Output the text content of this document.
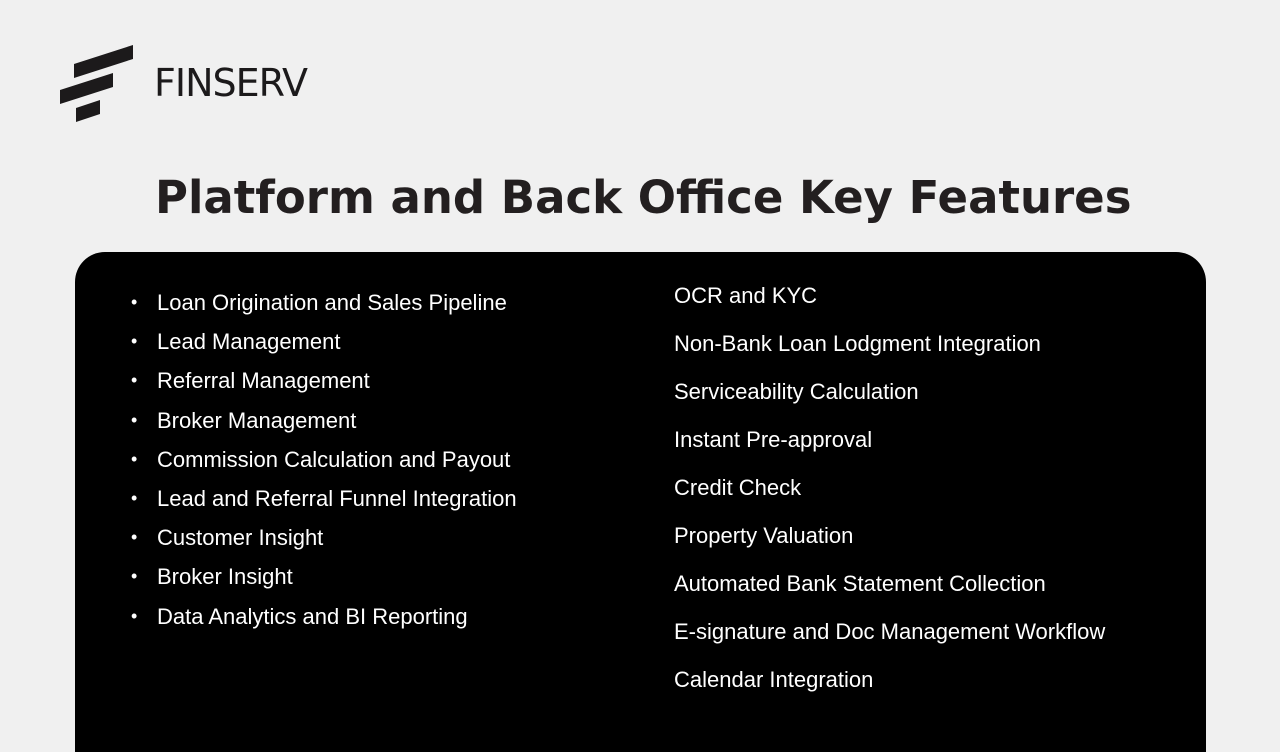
FINSERV
Platform and Back Office Key Features
• Loan Origination and Sales Pipeline
• Lead Management
• Referral Management
• Broker Management
• Commission Calculation and Payout
• Lead and Referral Funnel Integration
• Customer Insight
• Broker Insight
• Data Analytics and BI Reporting
OCR and KYC
Non-Bank Loan Lodgment Integration
Serviceability Calculation
Instant Pre-approval
Credit Check
Property Valuation
Automated Bank Statement Collection
E-signature and Doc Management Workflow
Calendar Integration
